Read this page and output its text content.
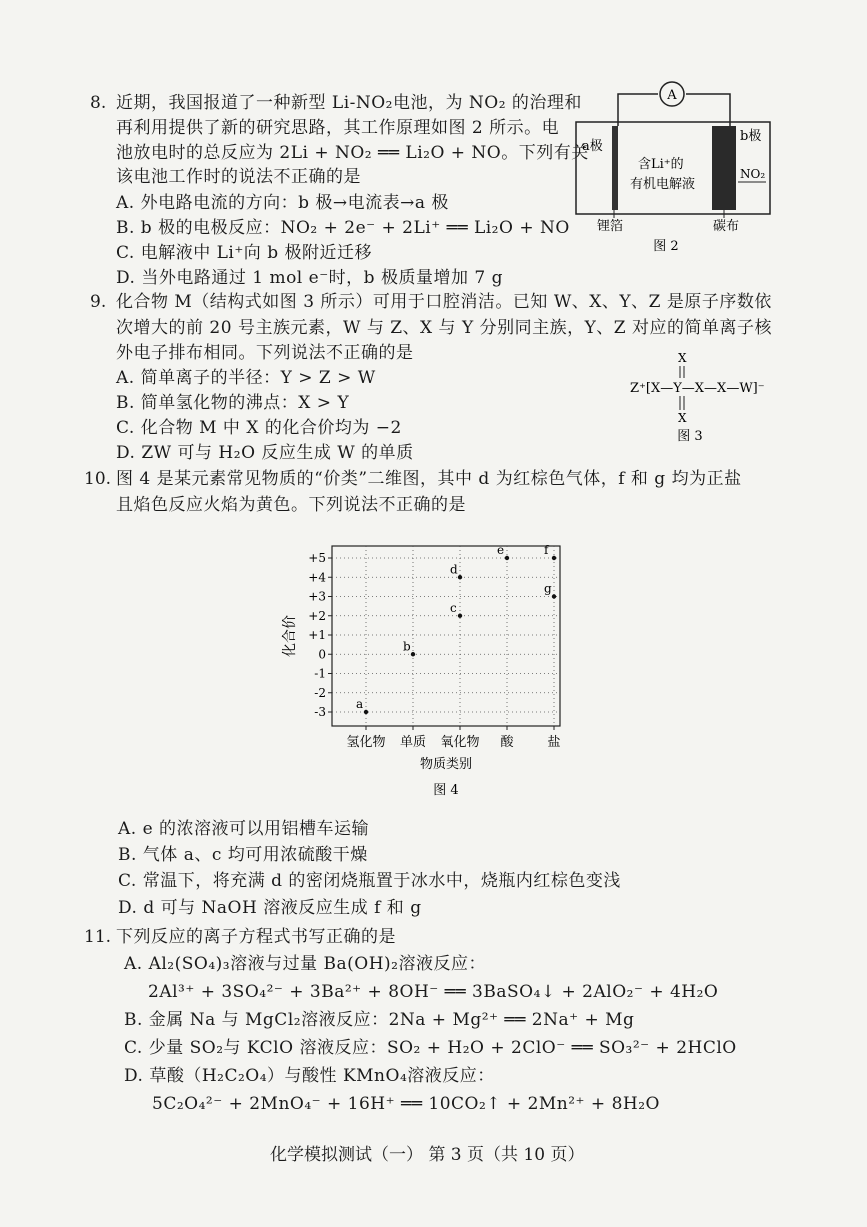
8. 近期，我国报道了一种新型 Li-NO₂电池，为 NO₂ 的治理和
再利用提供了新的研究思路，其工作原理如图 2 所示。电
池放电时的总反应为 2Li + NO₂ ══ Li₂O + NO。下列有关
该电池工作时的说法不正确的是
A. 外电路电流的方向：b 极→电流表→a 极
B. b 极的电极反应：NO₂ + 2e⁻ + 2Li⁺ ══ Li₂O + NO
C. 电解液中 Li⁺向 b 极附近迁移
D. 当外电路通过 1 mol e⁻时，b 极质量增加 7 g
A
a极
b极
含Li⁺的
有机电解液
NO₂
锂箔	碳布
图 2
9. 化合物 M（结构式如图 3 所示）可用于口腔消洁。已知 W、X、Y、Z 是原子序数依
次增大的前 20 号主族元素，W 与 Z、X 与 Y 分别同主族，Y、Z 对应的简单离子核
外电子排布相同。下列说法不正确的是
A. 简单离子的半径：Y > Z > W
B. 简单氢化物的沸点：X > Y
C. 化合物 M 中 X 的化合价均为 −2
D. ZW 可与 H₂O 反应生成 W 的单质
X
Z⁺[X—Y—X—X—W]⁻
X
图 3
10. 图 4 是某元素常见物质的“价类”二维图，其中 d 为红棕色气体，f 和 g 均为正盐
且焰色反应火焰为黄色。下列说法不正确的是
+5
+4
+3
+2
+1
0
-1
-2
-3
氢化物 单质 氧化物 酸	盐
a
b
c
d
e	f
g
化合价
物质类别
图 4
A. e 的浓溶液可以用铝槽车运输
B. 气体 a、c 均可用浓硫酸干燥
C. 常温下，将充满 d 的密闭烧瓶置于冰水中，烧瓶内红棕色变浅
D. d 可与 NaOH 溶液反应生成 f 和 g
11. 下列反应的离子方程式书写正确的是
A. Al₂(SO₄)₃溶液与过量 Ba(OH)₂溶液反应：
2Al³⁺ + 3SO₄²⁻ + 3Ba²⁺ + 8OH⁻ ══ 3BaSO₄↓ + 2AlO₂⁻ + 4H₂O
B. 金属 Na 与 MgCl₂溶液反应：2Na + Mg²⁺ ══ 2Na⁺ + Mg
C. 少量 SO₂与 KClO 溶液反应：SO₂ + H₂O + 2ClO⁻ ══ SO₃²⁻ + 2HClO
D. 草酸（H₂C₂O₄）与酸性 KMnO₄溶液反应：
5C₂O₄²⁻ + 2MnO₄⁻ + 16H⁺ ══ 10CO₂↑ + 2Mn²⁺ + 8H₂O
化学模拟测试（一） 第 3 页（共 10 页）
